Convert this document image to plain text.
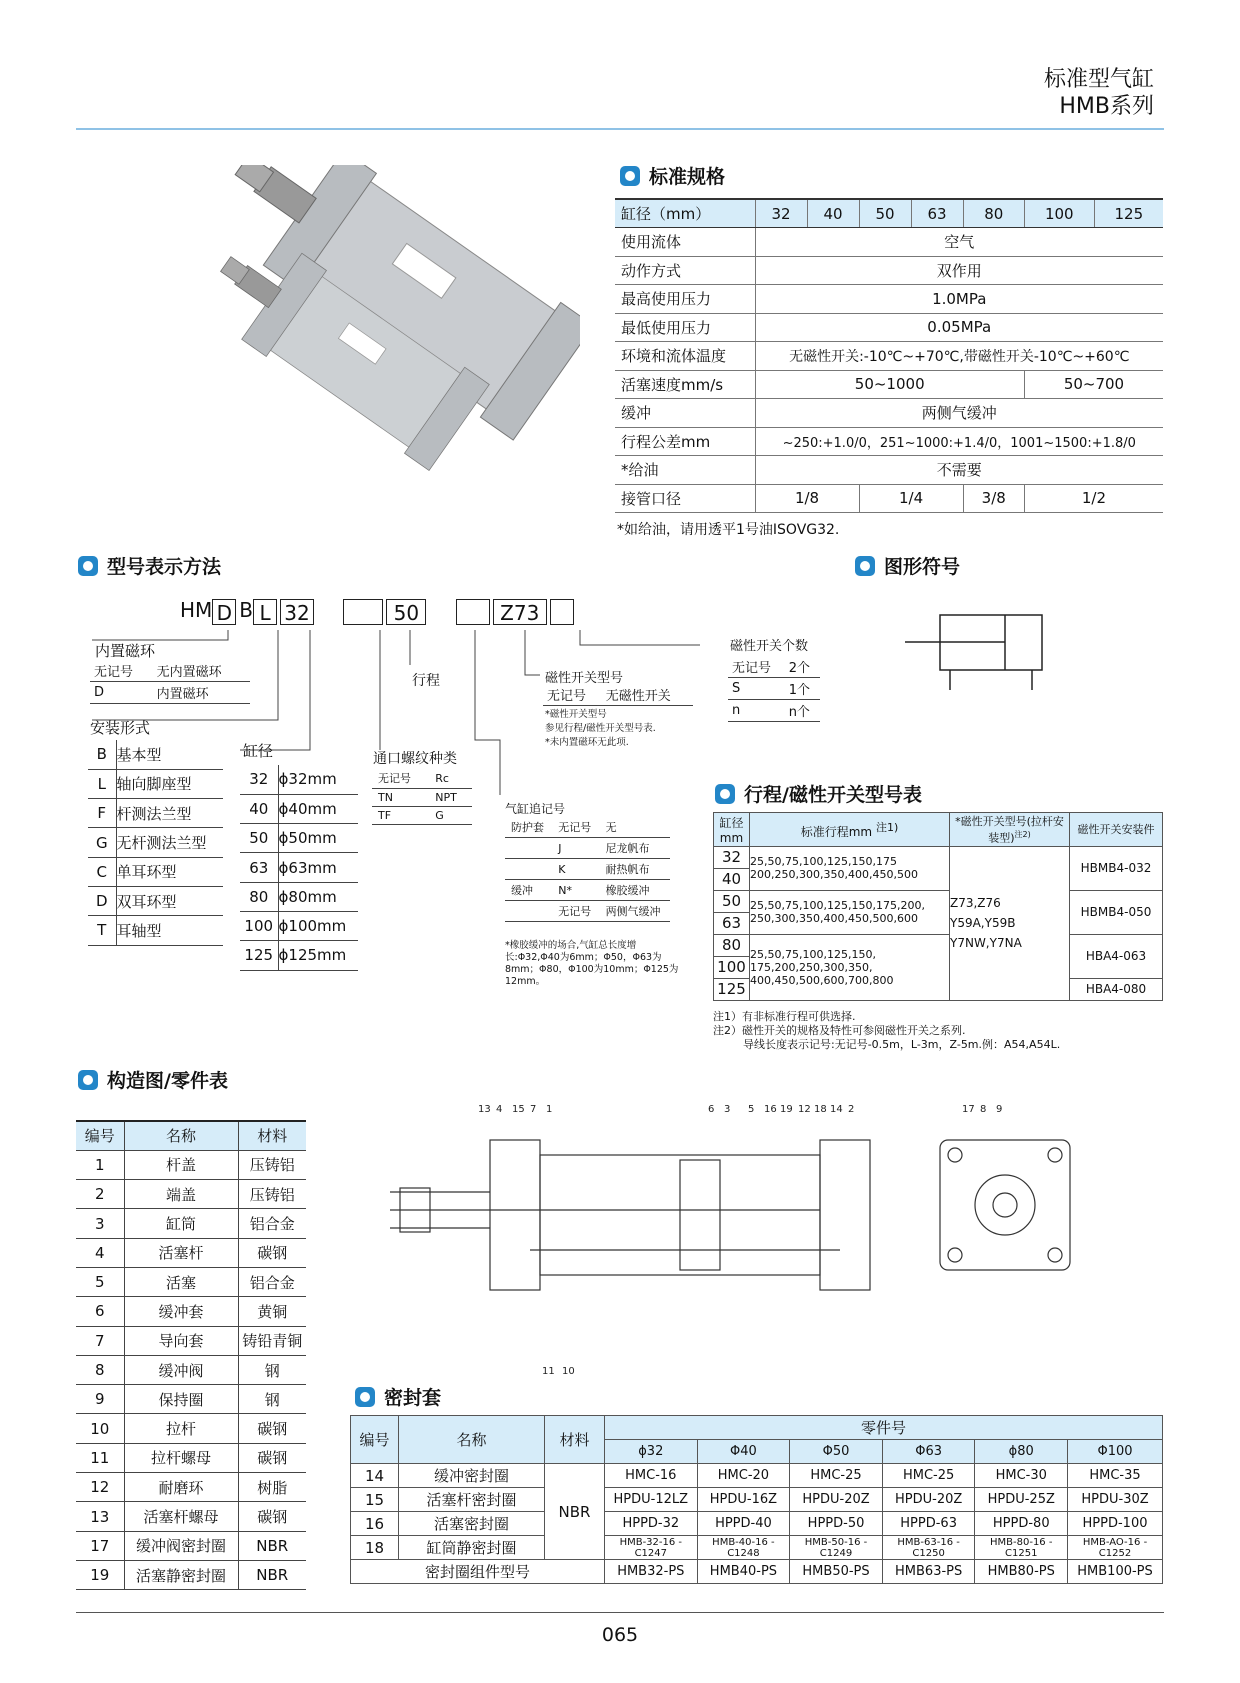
标准型气缸
HMB系列
标准规格
缸径（mm）	32	40	50	63	80	100	125
使用流体	空气						
动作方式	双作用						
最高使用压力	1.0MPa						
最低使用压力	0.05MPa						
环境和流体温度	无磁性开关:-10℃~+70℃,带磁性开关-10℃~+60℃						
活塞速度mm/s	50~1000					50~700	
缓冲	两侧气缓冲						
行程公差mm	~250:+1.0/0，251~1000:+1.4/0，1001~1500:+1.8/0						
*给油	不需要						
接管口径	1/8		1/4		3/8	1/2	
*如给油，请用透平1号油ISOVG32.
型号表示方法
HM D B L 32	50	Z73
内置磁环
无记号	无内置磁环
D	内置磁环
安装形式
B	基本型
L	轴向脚座型
F	杆测法兰型
G	无杆测法兰型
C	单耳环型
D	双耳环型
T	耳轴型
缸径
32	ϕ32mm
40	ϕ40mm
50	ϕ50mm
63	ϕ63mm
80	ϕ80mm
100	ϕ100mm
125	ϕ125mm
通口螺纹种类
无记号	Rc
TN	NPT
TF	G
行程
气缸追记号
防护套	无记号	无
	J	尼龙帆布
	K	耐热帆布
缓冲	N*	橡胶缓冲
	无记号	两侧气缓冲
*橡胶缓冲的场合,气缸总长度增长:Φ32,Φ40为6mm；Φ50，Φ63为8mm；Φ80，Φ100为10mm；Φ125为12mm。
磁性开关型号
无记号	无磁性开关
*磁性开关型号
参见行程/磁性开关型号表.
*未内置磁环无此项.
磁性开关个数
无记号	2个
S	1个
n	n个
图形符号
行程/磁性开关型号表
缸径mm	标准行程mm $^{注1)}$	*磁性开关型号(拉杆安装型)$^{注2)}$	磁性开关安装件
32	25,50,75,100,125,150,175 200,250,300,350,400,450,500	Z73,Z76 Y59A,Y59B Y7NW,Y7NA	HBMB4-032
40			
50	25,50,75,100,125,150,175,200, 250,300,350,400,450,500,600		HBMB4-050
63			
80	25,50,75,100,125,150, 175,200,250,300,350, 400,450,500,600,700,800		HBA4-063
100			
125			HBA4-080
注1）有非标准行程可供选择.
注2）磁性开关的规格及特性可参阅磁性开关之系列.
导线长度表示记号:无记号-0.5m，L-3m，Z-5m.例：A54,A54L.
构造图/零件表
编号	名称	材料
1	杆盖	压铸铝
2	端盖	压铸铝
3	缸筒	铝合金
4	活塞杆	碳钢
5	活塞	铝合金
6	缓冲套	黄铜
7	导向套	铸铅青铜
8	缓冲阀	钢
9	保持圈	钢
10	拉杆	碳钢
11	拉杆螺母	碳钢
12	耐磨环	树脂
13	活塞杆螺母	碳钢
17	缓冲阀密封圈	NBR
19	活塞静密封圈	NBR
13 4 15 7 1	6 3 5 16 19 12 18 14 2	17 8 9
11 10
密封套
编号	名称	材料	零件号					
			ϕ32	Φ40	Φ50	Φ63	ϕ80	Φ100
14	缓冲密封圈	NBR	HMC-16	HMC-20	HMC-25	HMC-25	HMC-30	HMC-35
15	活塞杆密封圈		HPDU-12LZ	HPDU-16Z	HPDU-20Z	HPDU-20Z	HPDU-25Z	HPDU-30Z
16	活塞密封圈		HPPD-32	HPPD-40	HPPD-50	HPPD-63	HPPD-80	HPPD-100
18	缸筒静密封圈		HMB-32-16 -C1247	HMB-40-16 -C1248	HMB-50-16 -C1249	HMB-63-16 -C1250	HMB-80-16 -C1251	HMB-AO-16 -C1252
密封圈组件型号			HMB32-PS	HMB40-PS	HMB50-PS	HMB63-PS	HMB80-PS	HMB100-PS
065
